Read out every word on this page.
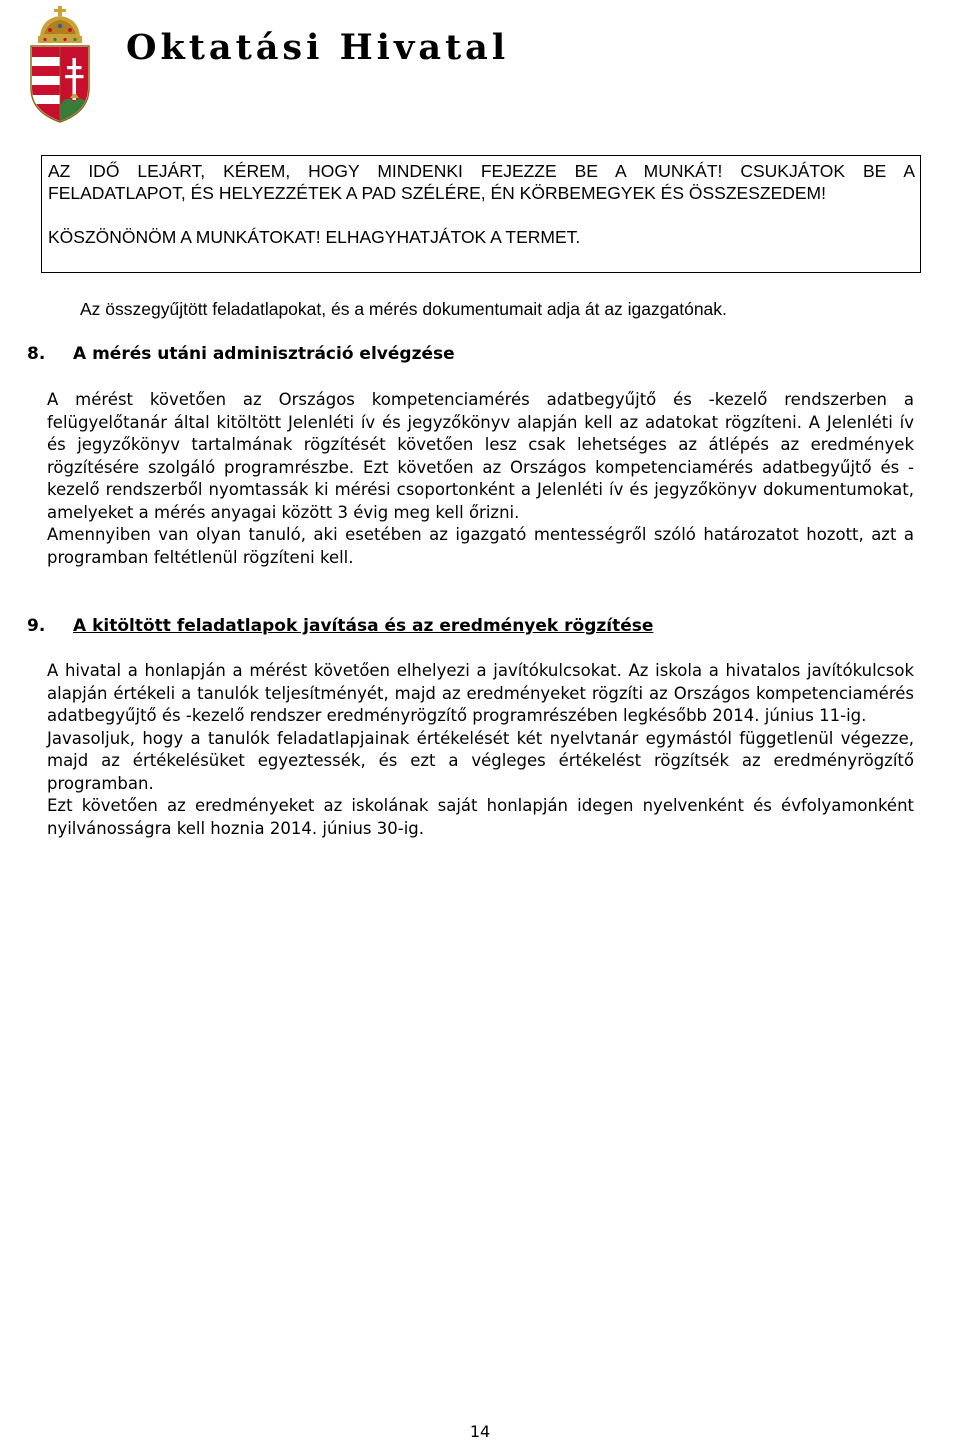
Oktatási Hivatal
AZ IDŐ LEJÁRT, KÉREM, HOGY MINDENKI FEJEZZE BE A MUNKÁT! CSUKJÁTOK BE A
FELADATLAPOT, ÉS HELYEZZÉTEK A PAD SZÉLÉRE, ÉN KÖRBEMEGYEK ÉS ÖSSZESZEDEM!
KÖSZÖNÖNÖM A MUNKÁTOKAT! ELHAGYHATJÁTOK A TERMET.
Az összegyűjtött feladatlapokat, és a mérés dokumentumait adja át az igazgatónak.
8. A mérés utáni adminisztráció elvégzése

A mérést követően az Országos kompetenciamérés adatbegyűjtő és -kezelő rendszerben a felügyelőtanár által kitöltött Jelenléti ív és jegyzőkönyv alapján kell az adatokat rögzíteni. A Jelenléti ív és jegyzőkönyv tartalmának rögzítését követően lesz csak lehetséges az átlépés az eredmények rögzítésére szolgáló programrészbe. Ezt követően az Országos kompetenciamérés adatbegyűjtő és -kezelő rendszerből nyomtassák ki mérési csoportonként a Jelenléti ív és jegyzőkönyv dokumentumokat, amelyeket a mérés anyagai között 3 évig meg kell őrizni.

Amennyiben van olyan tanuló, aki esetében az igazgató mentességről szóló határozatot hozott, azt a programban feltétlenül rögzíteni kell.

9. A kitöltött feladatlapok javítása és az eredmények rögzítése

A hivatal a honlapján a mérést követően elhelyezi a javítókulcsokat. Az iskola a hivatalos javítókulcsok alapján értékeli a tanulók teljesítményét, majd az eredményeket rögzíti az Országos kompetenciamérés adatbegyűjtő és -kezelő rendszer eredményrögzítő programrészében legkésőbb 2014. június 11-ig.

Javasoljuk, hogy a tanulók feladatlapjainak értékelését két nyelvtanár egymástól függetlenül végezze, majd az értékelésüket egyeztessék, és ezt a végleges értékelést rögzítsék az eredményrögzítő programban.

Ezt követően az eredményeket az iskolának saját honlapján idegen nyelvenként és évfolyamonként nyilvánosságra kell hoznia 2014. június 30-ig.

14
